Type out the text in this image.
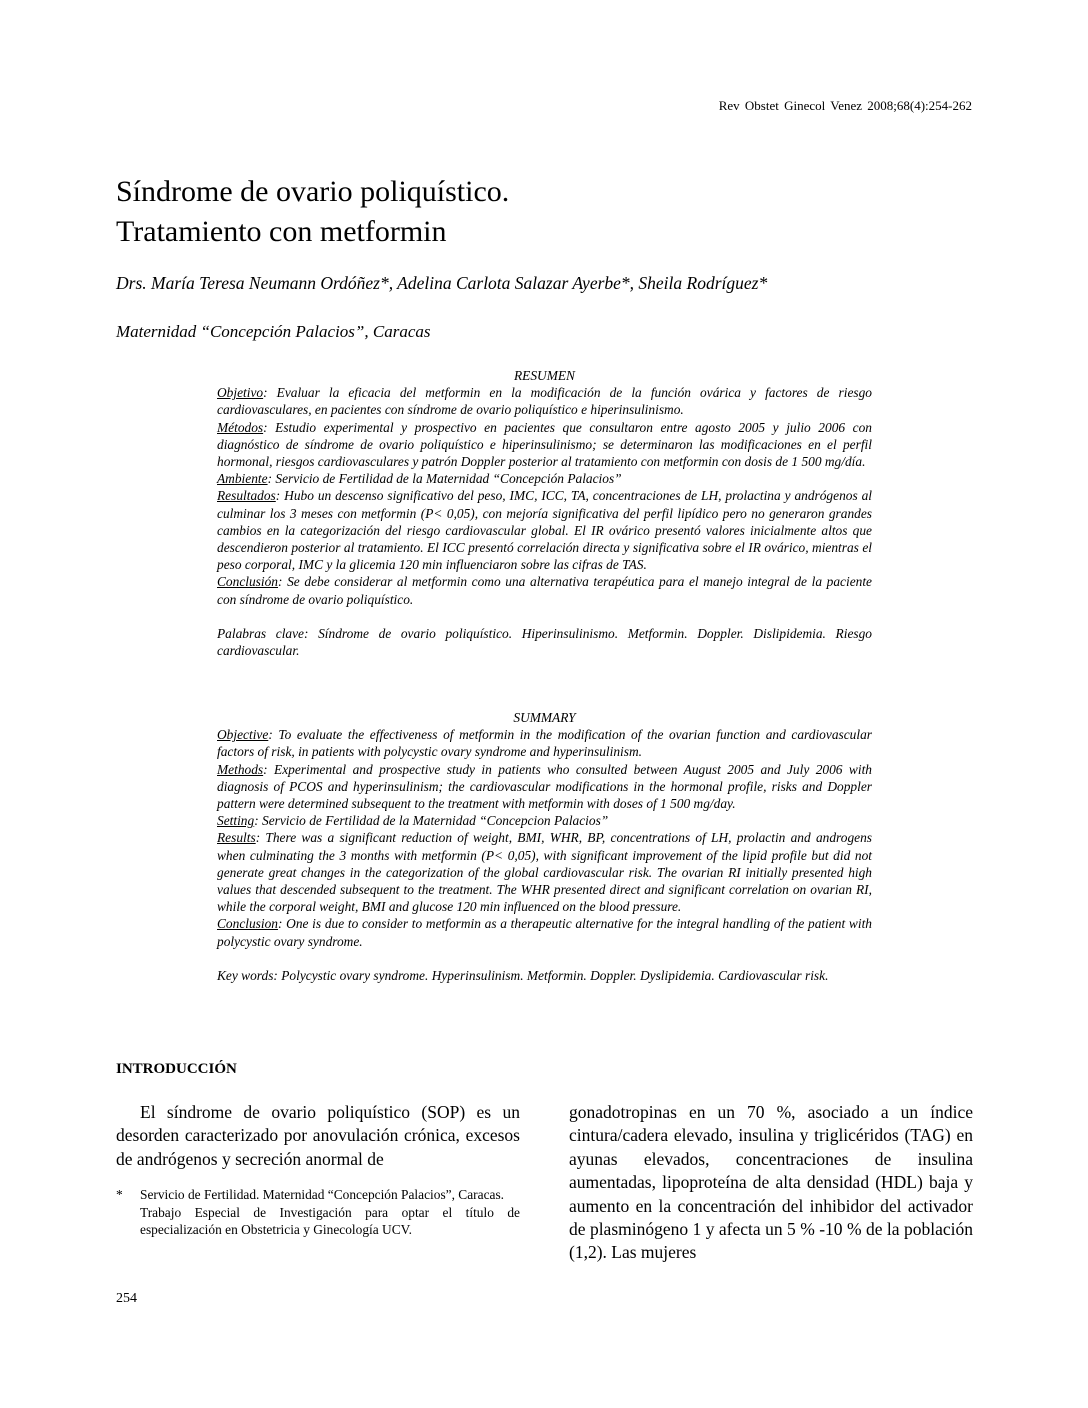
Rev Obstet Ginecol Venez 2008;68(4):254-262
Síndrome de ovario poliquístico.
Tratamiento con metformin
Drs. María Teresa Neumann Ordóñez*, Adelina Carlota Salazar Ayerbe*, Sheila Rodríguez*
Maternidad “Concepción Palacios”, Caracas
RESUMEN

Objetivo: Evaluar la eficacia del metformin en la modificación de la función ovárica y factores de riesgo cardiovasculares, en pacientes con síndrome de ovario poliquístico e hiperinsulinismo.

Métodos: Estudio experimental y prospectivo en pacientes que consultaron entre agosto 2005 y julio 2006 con diagnóstico de síndrome de ovario poliquístico e hiperinsulinismo; se determinaron las modificaciones en el perfil hormonal, riesgos cardiovasculares y patrón Doppler posterior al tratamiento con metformin con dosis de 1 500 mg/día.

Ambiente: Servicio de Fertilidad de la Maternidad “Concepción Palacios”

Resultados: Hubo un descenso significativo del peso, IMC, ICC, TA, concentraciones de LH, prolactina y andrógenos al culminar los 3 meses con metformin (P< 0,05), con mejoría significativa del perfil lipídico pero no generaron grandes cambios en la categorización del riesgo cardiovascular global. El IR ovárico presentó valores inicialmente altos que descendieron posterior al tratamiento. El ICC presentó correlación directa y significativa sobre el IR ovárico, mientras el peso corporal, IMC y la glicemia 120 min influenciaron sobre las cifras de TAS.

Conclusión: Se debe considerar al metformin como una alternativa terapéutica para el manejo integral de la paciente con síndrome de ovario poliquístico.

Palabras clave: Síndrome de ovario poliquístico. Hiperinsulinismo. Metformin. Doppler. Dislipidemia. Riesgo cardiovascular.

SUMMARY

Objective: To evaluate the effectiveness of metformin in the modification of the ovarian function and cardiovascular factors of risk, in patients with polycystic ovary syndrome and hyperinsulinism.

Methods: Experimental and prospective study in patients who consulted between August 2005 and July 2006 with diagnosis of PCOS and hyperinsulinism; the cardiovascular modifications in the hormonal profile, risks and Doppler pattern were determined subsequent to the treatment with metformin with doses of 1 500 mg/day.

Setting: Servicio de Fertilidad de la Maternidad “Concepcion Palacios”

Results: There was a significant reduction of weight, BMI, WHR, BP, concentrations of LH, prolactin and androgens when culminating the 3 months with metformin (P< 0,05), with significant improvement of the lipid profile but did not generate great changes in the categorization of the global cardiovascular risk. The ovarian RI initially presented high values that descended subsequent to the treatment. The WHR presented direct and significant correlation on ovarian RI, while the corporal weight, BMI and glucose 120 min influenced on the blood pressure.

Conclusion: One is due to consider to metformin as a therapeutic alternative for the integral handling of the patient with polycystic ovary syndrome.

Key words: Polycystic ovary syndrome. Hyperinsulinism. Metformin. Doppler. Dyslipidemia. Cardiovascular risk.

INTRODUCCIÓN

El síndrome de ovario poliquístico (SOP) es un desorden caracterizado por anovulación crónica, excesos de andrógenos y secreción anormal de

gonadotropinas en un 70 %, asociado a un índice cintura/cadera elevado, insulina y triglicéridos (TAG) en ayunas elevados, concentraciones de insulina aumentadas, lipoproteína de alta densidad (HDL) baja y aumento en la concentración del inhibidor del activador de plasminógeno 1 y afecta un 5 % -10 % de la población (1,2). Las mujeres

* Servicio de Fertilidad. Maternidad “Concepción Palacios”, Caracas.
Trabajo Especial de Investigación para optar el título de especialización en Obstetricia y Ginecología UCV.
254
